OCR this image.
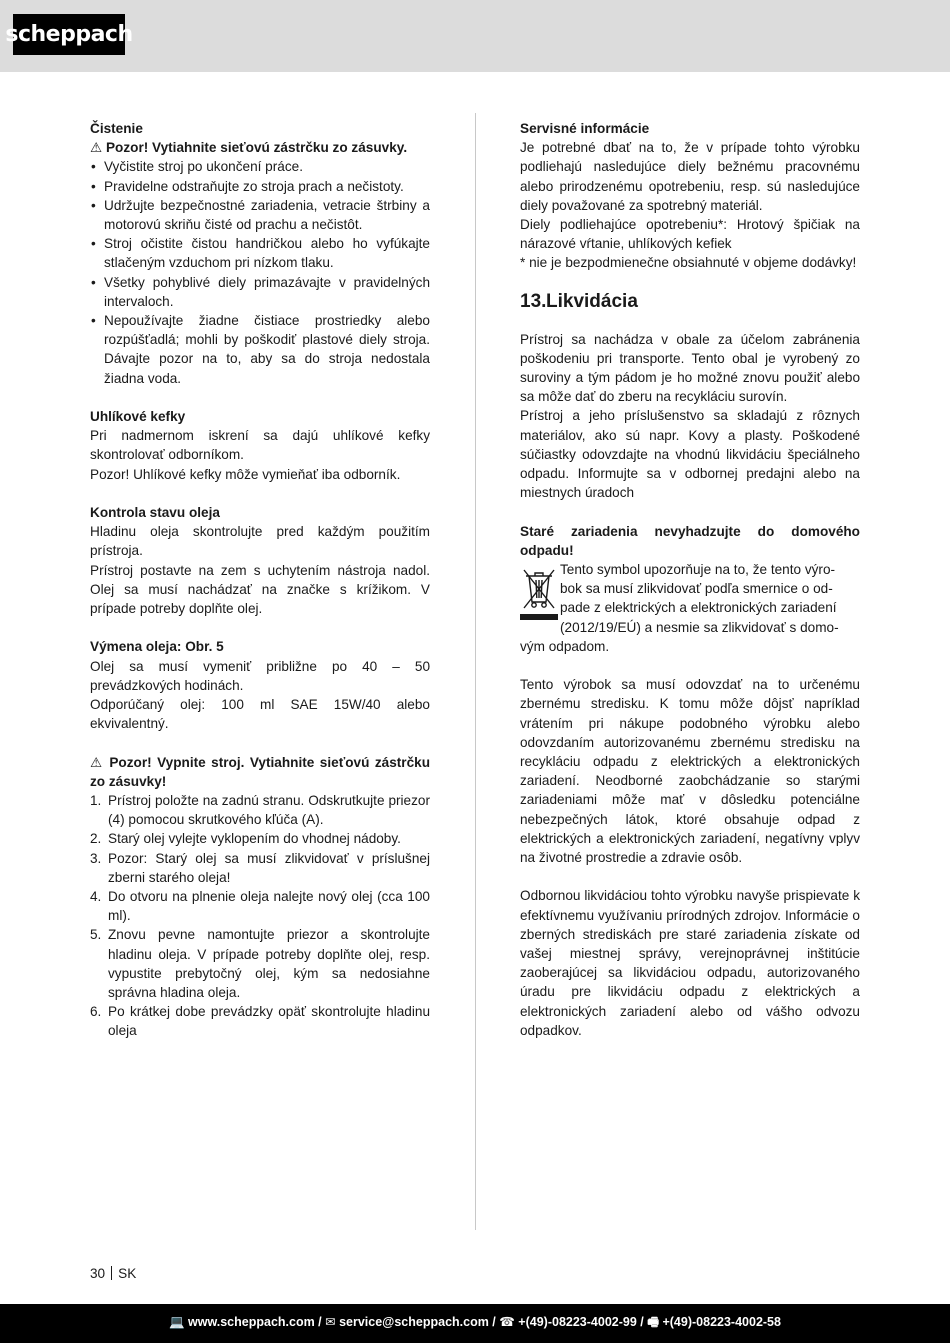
scheppach

Čistenie

⚠ Pozor! Vytiahnite sieťovú zástrčku zo zásuvky.

• Vyčistite stroj po ukončení práce.
• Pravidelne odstraňujte zo stroja prach a nečistoty.
• Udržujte bezpečnostné zariadenia, vetracie štrbiny a motorovú skriňu čisté od prachu a nečistôt.
• Stroj očistite čistou handričkou alebo ho vyfúkajte stlačeným vzduchom pri nízkom tlaku.
• Všetky pohyblivé diely primazávajte v pravidelných intervaloch.
• Nepoužívajte žiadne čistiace prostriedky alebo rozpúšťadlá; mohli by poškodiť plastové diely stroja. Dávajte pozor na to, aby sa do stroja nedostala žiadna voda.

Uhlíkové kefky

Pri nadmernom iskrení sa dajú uhlíkové kefky skontrolovať odborníkom.

Pozor! Uhlíkové kefky môže vymieňať iba odborník.

Kontrola stavu oleja

Hladinu oleja skontrolujte pred každým použitím prístroja.

Prístroj postavte na zem s uchytením nástroja nadol. Olej sa musí nachádzať na značke s krížikom. V prípade potreby doplňte olej.

Výmena oleja: Obr. 5

Olej sa musí vymeniť približne po 40 – 50 prevádzkových hodinách.

Odporúčaný olej: 100 ml SAE 15W/40 alebo ekvivalentný.

⚠ Pozor! Vypnite stroj. Vytiahnite sieťovú zástrčku zo zásuvky!

1. Prístroj položte na zadnú stranu. Odskrutkujte priezor (4) pomocou skrutkového kľúča (A).
2. Starý olej vylejte vyklopením do vhodnej nádoby.
3. Pozor: Starý olej sa musí zlikvidovať v príslušnej zberni starého oleja!
4. Do otvoru na plnenie oleja nalejte nový olej (cca 100 ml).
5. Znovu pevne namontujte priezor a skontrolujte hladinu oleja. V prípade potreby doplňte olej, resp. vypustite prebytočný olej, kým sa nedosiahne správna hladina oleja.
6. Po krátkej dobe prevádzky opäť skontrolujte hladinu oleja

Servisné informácie

Je potrebné dbať na to, že v prípade tohto výrobku podliehajú nasledujúce diely bežnému pracovnému alebo prirodzenému opotrebeniu, resp. sú nasledujúce diely považované za spotrebný materiál.

Diely podliehajúce opotrebeniu*: Hrotový špičiak na nárazové vŕtanie, uhlíkových kefiek

* nie je bezpodmienečne obsiahnuté v objeme dodávky!

13.Likvidácia

Prístroj sa nachádza v obale za účelom zabránenia poškodeniu pri transporte. Tento obal je vyrobený zo suroviny a tým pádom je ho možné znovu použiť alebo sa môže dať do zberu na recykláciu surovín.

Prístroj a jeho príslušenstvo sa skladajú z rôznych materiálov, ako sú napr. Kovy a plasty. Poškodené súčiastky odovzdajte na vhodnú likvidáciu špeciálneho odpadu. Informujte sa v odbornej predajni alebo na miestnych úradoch

Staré zariadenia nevyhadzujte do domového odpadu!

Tento symbol upozorňuje na to, že tento výro-

bok sa musí zlikvidovať podľa smernice o od-

pade z elektrických a elektronických zariadení

(2012/19/EÚ) a nesmie sa zlikvidovať s domo-

vým odpadom.

Tento výrobok sa musí odovzdať na to určenému zbernému stredisku. K tomu môže dôjsť napríklad vrátením pri nákupe podobného výrobku alebo odovzdaním autorizovanému zbernému stredisku na recykláciu odpadu z elektrických a elektronických zariadení. Neodborné zaobchádzanie so starými zariadeniami môže mať v dôsledku potenciálne nebezpečných látok, ktoré obsahuje odpad z elektrických a elektronických zariadení, negatívny vplyv na životné prostredie a zdravie osôb.

Odbornou likvidáciou tohto výrobku navyše prispievate k efektívnemu využívaniu prírodných zdrojov. Informácie o zberných strediskách pre staré zariadenia získate od vašej miestnej správy, verejnoprávnej inštitúcie zaoberajúcej sa likvidáciou odpadu, autorizovaného úradu pre likvidáciu odpadu z elektrických a elektronických zariadení alebo od vášho odvozu odpadkov.

30 SK
💻 www.scheppach.com / ✉ service@scheppach.com / ☎ +(49)-08223-4002-99 / 🖷 +(49)-08223-4002-58
